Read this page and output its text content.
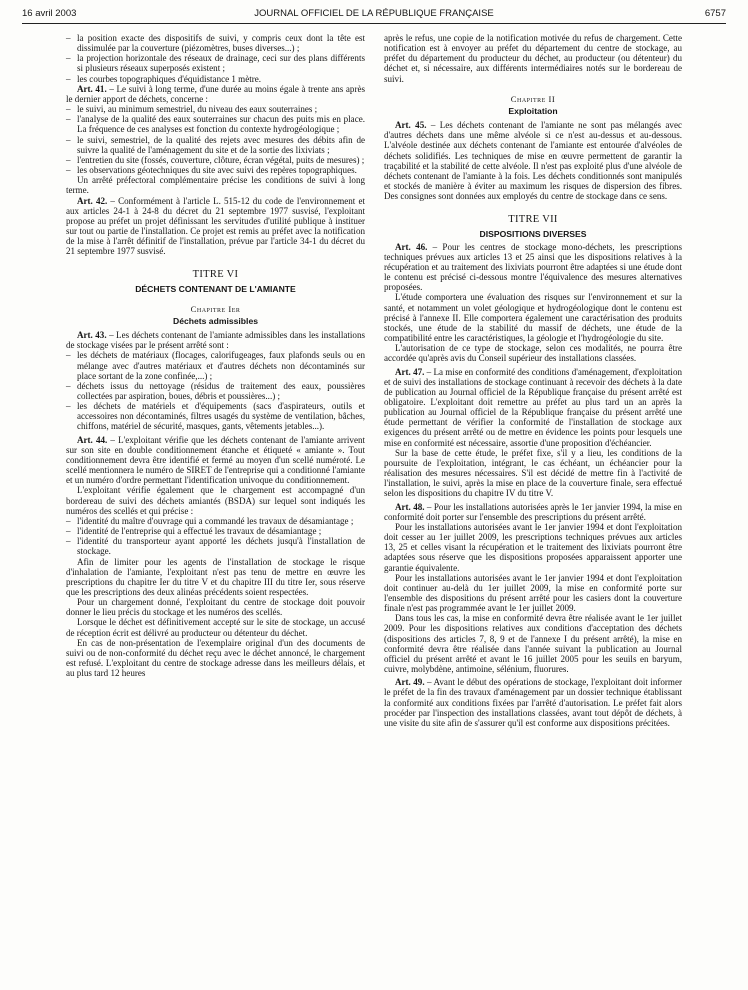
16 avril 2003	JOURNAL OFFICIEL DE LA RÉPUBLIQUE FRANÇAISE	6757
– la position exacte des dispositifs de suivi, y compris ceux dont la tête est dissimulée par la couverture (piézomètres, buses diverses...) ;
– la projection horizontale des réseaux de drainage, ceci sur des plans différents si plusieurs réseaux superposés existent ;
– les courbes topographiques d'équidistance 1 mètre.

Art. 41. – Le suivi à long terme, d'une durée au moins égale à trente ans après le dernier apport de déchets, concerne :

– le suivi, au minimum semestriel, du niveau des eaux souterraines ;
– l'analyse de la qualité des eaux souterraines sur chacun des puits mis en place. La fréquence de ces analyses est fonction du contexte hydrogéologique ;
– le suivi, semestriel, de la qualité des rejets avec mesures des débits afin de suivre la qualité de l'aménagement du site et de la sortie des lixiviats ;
– l'entretien du site (fossés, couverture, clôture, écran végétal, puits de mesures) ;
– les observations géotechniques du site avec suivi des repères topographiques.

Un arrêté préfectoral complémentaire précise les conditions de suivi à long terme.

Art. 42. – Conformément à l'article L. 515-12 du code de l'environnement et aux articles 24-1 à 24-8 du décret du 21 septembre 1977 susvisé, l'exploitant propose au préfet un projet définissant les servitudes d'utilité publique à instituer sur tout ou partie de l'installation. Ce projet est remis au préfet avec la notification de la mise à l'arrêt définitif de l'installation, prévue par l'article 34-1 du décret du 21 septembre 1977 susvisé.

TITRE VI

DÉCHETS CONTENANT DE L'AMIANTE

Chapitre Ier

Déchets admissibles

Art. 43. – Les déchets contenant de l'amiante admissibles dans les installations de stockage visées par le présent arrêté sont :

– les déchets de matériaux (flocages, calorifugeages, faux plafonds seuls ou en mélange avec d'autres matériaux et d'autres déchets non décontaminés sur place sortant de la zone confinée,...) ;
– déchets issus du nettoyage (résidus de traitement des eaux, poussières collectées par aspiration, boues, débris et poussières...) ;
– les déchets de matériels et d'équipements (sacs d'aspirateurs, outils et accessoires non décontaminés, filtres usagés du système de ventilation, bâches, chiffons, matériel de sécurité, masques, gants, vêtements jetables...).

Art. 44. – L'exploitant vérifie que les déchets contenant de l'amiante arrivent sur son site en double conditionnement étanche et étiqueté « amiante ». Tout conditionnement devra être identifié et fermé au moyen d'un scellé numéroté. Le scellé mentionnera le numéro de SIRET de l'entreprise qui a conditionné l'amiante et un numéro d'ordre permettant l'identification univoque du conditionnement.

L'exploitant vérifie également que le chargement est accompagné d'un bordereau de suivi des déchets amiantés (BSDA) sur lequel sont indiqués les numéros des scellés et qui précise :

– l'identité du maître d'ouvrage qui a commandé les travaux de désamiantage ;
– l'identité de l'entreprise qui a effectué les travaux de désamiantage ;
– l'identité du transporteur ayant apporté les déchets jusqu'à l'installation de stockage.

Afin de limiter pour les agents de l'installation de stockage le risque d'inhalation de l'amiante, l'exploitant n'est pas tenu de mettre en œuvre les prescriptions du chapitre Ier du titre V et du chapitre III du titre Ier, sous réserve que les prescriptions des deux alinéas précédents soient respectées.

Pour un chargement donné, l'exploitant du centre de stockage doit pouvoir donner le lieu précis du stockage et les numéros des scellés.

Lorsque le déchet est définitivement accepté sur le site de stockage, un accusé de réception écrit est délivré au producteur ou détenteur du déchet.

En cas de non-présentation de l'exemplaire original d'un des documents de suivi ou de non-conformité du déchet reçu avec le déchet annoncé, le chargement est refusé. L'exploitant du centre de stockage adresse dans les meilleurs délais, et au plus tard 12 heures

après le refus, une copie de la notification motivée du refus de chargement. Cette notification est à envoyer au préfet du département du centre de stockage, au préfet du département du producteur du déchet, au producteur (ou détenteur) du déchet et, si nécessaire, aux différents intermédiaires notés sur le bordereau de suivi.

Chapitre II

Exploitation

Art. 45. – Les déchets contenant de l'amiante ne sont pas mélangés avec d'autres déchets dans une même alvéole si ce n'est au-dessus et au-dessous. L'alvéole destinée aux déchets contenant de l'amiante est entourée d'alvéoles de déchets solidifiés. Les techniques de mise en œuvre permettent de garantir la traçabilité et la stabilité de cette alvéole. Il n'est pas exploité plus d'une alvéole de déchets contenant de l'amiante à la fois. Les déchets conditionnés sont manipulés et stockés de manière à éviter au maximum les risques de dispersion des fibres. Des consignes sont données aux employés du centre de stockage dans ce sens.

TITRE VII

DISPOSITIONS DIVERSES

Art. 46. – Pour les centres de stockage mono-déchets, les prescriptions techniques prévues aux articles 13 et 25 ainsi que les dispositions relatives à la récupération et au traitement des lixiviats pourront être adaptées si une étude dont le contenu est précisé ci-dessous montre l'équivalence des mesures alternatives proposées.

L'étude comportera une évaluation des risques sur l'environnement et sur la santé, et notamment un volet géologique et hydrogéologique dont le contenu est précisé à l'annexe II. Elle comportera également une caractérisation des produits stockés, une étude de la stabilité du massif de déchets, une étude de la compatibilité entre les caractéristiques, la géologie et l'hydrogéologie du site.

L'autorisation de ce type de stockage, selon ces modalités, ne pourra être accordée qu'après avis du Conseil supérieur des installations classées.

Art. 47. – La mise en conformité des conditions d'aménagement, d'exploitation et de suivi des installations de stockage continuant à recevoir des déchets à la date de publication au Journal officiel de la République française du présent arrêté est obligatoire. L'exploitant doit remettre au préfet au plus tard un an après la publication au Journal officiel de la République française du présent arrêté une étude permettant de vérifier la conformité de l'installation de stockage aux exigences du présent arrêté ou de mettre en évidence les points pour lesquels une mise en conformité est nécessaire, assortie d'une proposition d'échéancier.

Sur la base de cette étude, le préfet fixe, s'il y a lieu, les conditions de la poursuite de l'exploitation, intégrant, le cas échéant, un échéancier pour la réalisation des mesures nécessaires. S'il est décidé de mettre fin à l'activité de l'installation, le suivi, après la mise en place de la couverture finale, sera effectué selon les dispositions du chapitre IV du titre V.

Art. 48. – Pour les installations autorisées après le 1er janvier 1994, la mise en conformité doit porter sur l'ensemble des prescriptions du présent arrêté.

Pour les installations autorisées avant le 1er janvier 1994 et dont l'exploitation doit cesser au 1er juillet 2009, les prescriptions techniques prévues aux articles 13, 25 et celles visant la récupération et le traitement des lixiviats pourront être adaptées sous réserve que les dispositions proposées apparaissent apporter une garantie équivalente.

Pour les installations autorisées avant le 1er janvier 1994 et dont l'exploitation doit continuer au-delà du 1er juillet 2009, la mise en conformité porte sur l'ensemble des dispositions du présent arrêté pour les casiers dont la couverture finale n'est pas programmée avant le 1er juillet 2009.

Dans tous les cas, la mise en conformité devra être réalisée avant le 1er juillet 2009. Pour les dispositions relatives aux conditions d'acceptation des déchets (dispositions des articles 7, 8, 9 et de l'annexe I du présent arrêté), la mise en conformité devra être réalisée dans l'année suivant la publication au Journal officiel du présent arrêté et avant le 16 juillet 2005 pour les seuils en baryum, cuivre, molybdène, antimoine, sélénium, fluorures.

Art. 49. – Avant le début des opérations de stockage, l'exploitant doit informer le préfet de la fin des travaux d'aménagement par un dossier technique établissant la conformité aux conditions fixées par l'arrêté d'autorisation. Le préfet fait alors procéder par l'inspection des installations classées, avant tout dépôt de déchets, à une visite du site afin de s'assurer qu'il est conforme aux dispositions précitées.
